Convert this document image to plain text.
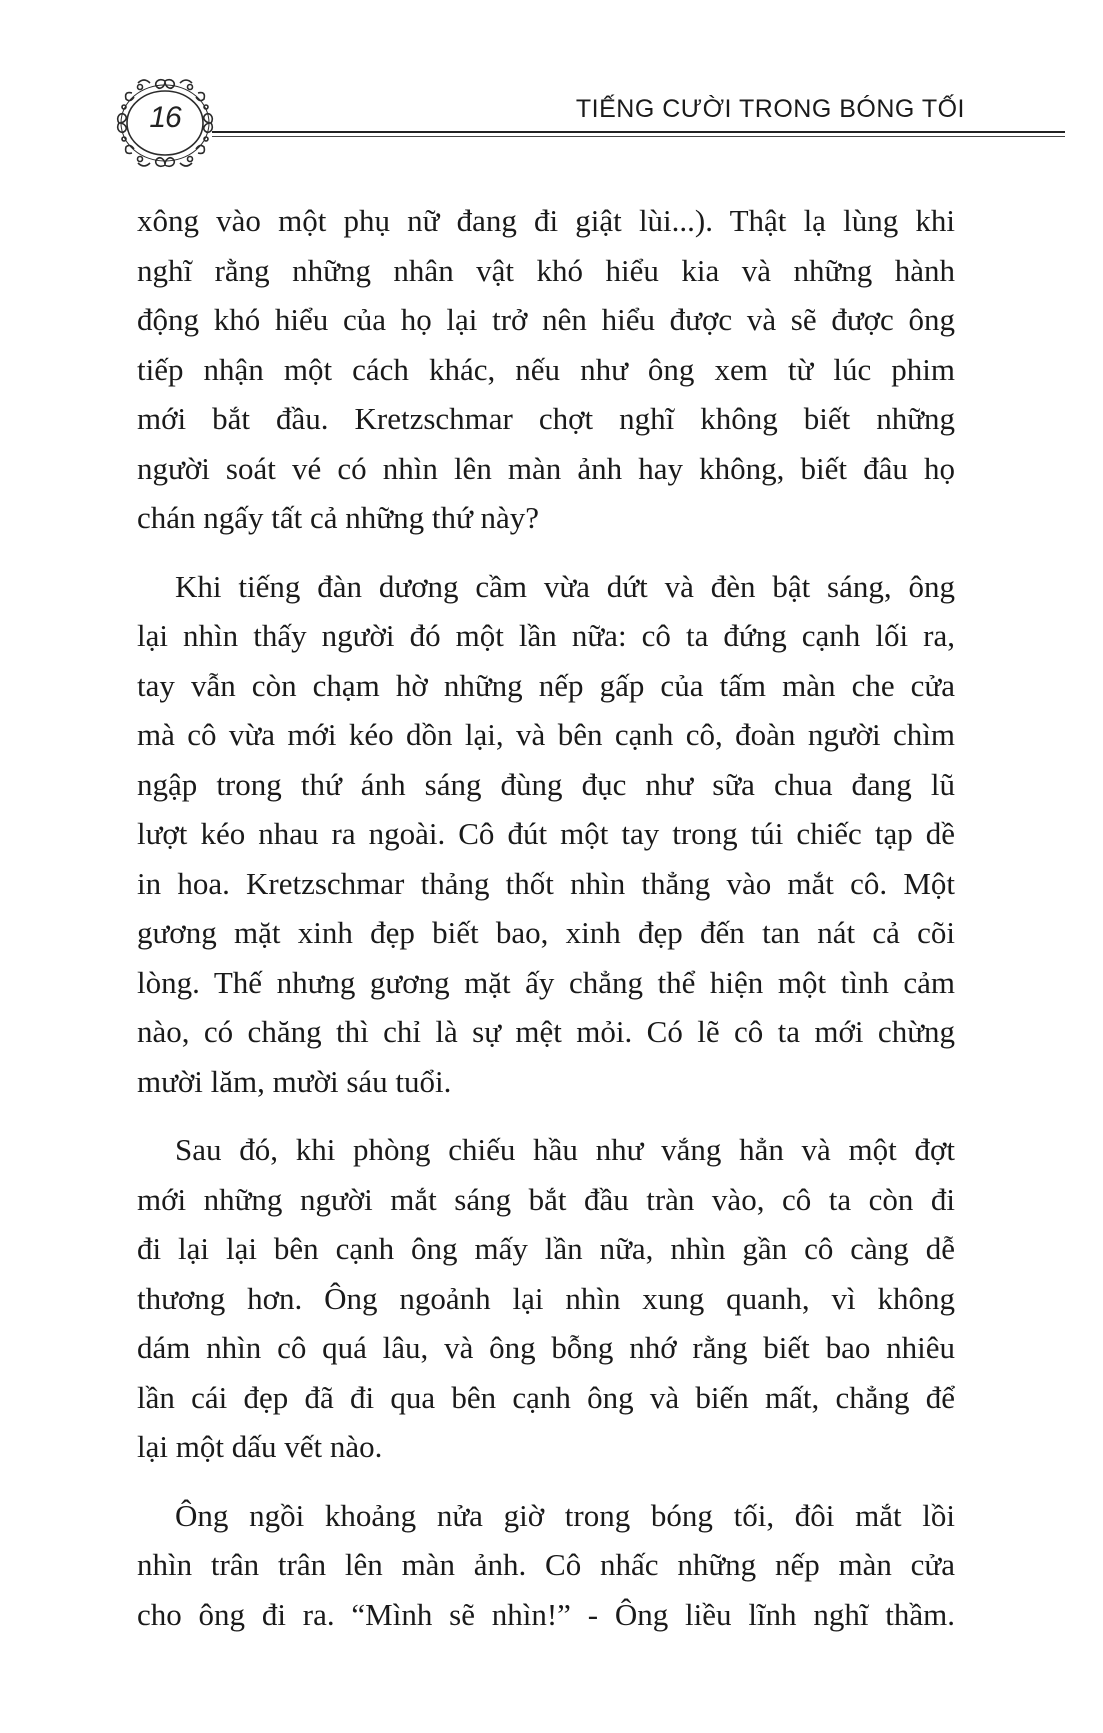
16	TIẾNG CƯỜI TRONG BÓNG TỐI

xông vào một phụ nữ đang đi giật lùi...). Thật lạ lùng khi
nghĩ rằng những nhân vật khó hiểu kia và những hành
động khó hiểu của họ lại trở nên hiểu được và sẽ được ông
tiếp nhận một cách khác, nếu như ông xem từ lúc phim
mới bắt đầu. Kretzschmar chợt nghĩ không biết những
người soát vé có nhìn lên màn ảnh hay không, biết đâu họ
chán ngấy tất cả những thứ này?

Khi tiếng đàn dương cầm vừa dứt và đèn bật sáng, ông
lại nhìn thấy người đó một lần nữa: cô ta đứng cạnh lối ra,
tay vẫn còn chạm hờ những nếp gấp của tấm màn che cửa
mà cô vừa mới kéo dồn lại, và bên cạnh cô, đoàn người chìm
ngập trong thứ ánh sáng đùng đục như sữa chua đang lũ
lượt kéo nhau ra ngoài. Cô đút một tay trong túi chiếc tạp dề
in hoa. Kretzschmar thảng thốt nhìn thẳng vào mắt cô. Một
gương mặt xinh đẹp biết bao, xinh đẹp đến tan nát cả cõi
lòng. Thế nhưng gương mặt ấy chẳng thể hiện một tình cảm
nào, có chăng thì chỉ là sự mệt mỏi. Có lẽ cô ta mới chừng
mười lăm, mười sáu tuổi.

Sau đó, khi phòng chiếu hầu như vắng hẳn và một đợt
mới những người mắt sáng bắt đầu tràn vào, cô ta còn đi
đi lại lại bên cạnh ông mấy lần nữa, nhìn gần cô càng dễ
thương hơn. Ông ngoảnh lại nhìn xung quanh, vì không
dám nhìn cô quá lâu, và ông bỗng nhớ rằng biết bao nhiêu
lần cái đẹp đã đi qua bên cạnh ông và biến mất, chẳng để
lại một dấu vết nào.

Ông ngồi khoảng nửa giờ trong bóng tối, đôi mắt lồi
nhìn trân trân lên màn ảnh. Cô nhấc những nếp màn cửa
cho ông đi ra. “Mình sẽ nhìn!” - Ông liều lĩnh nghĩ thầm.
